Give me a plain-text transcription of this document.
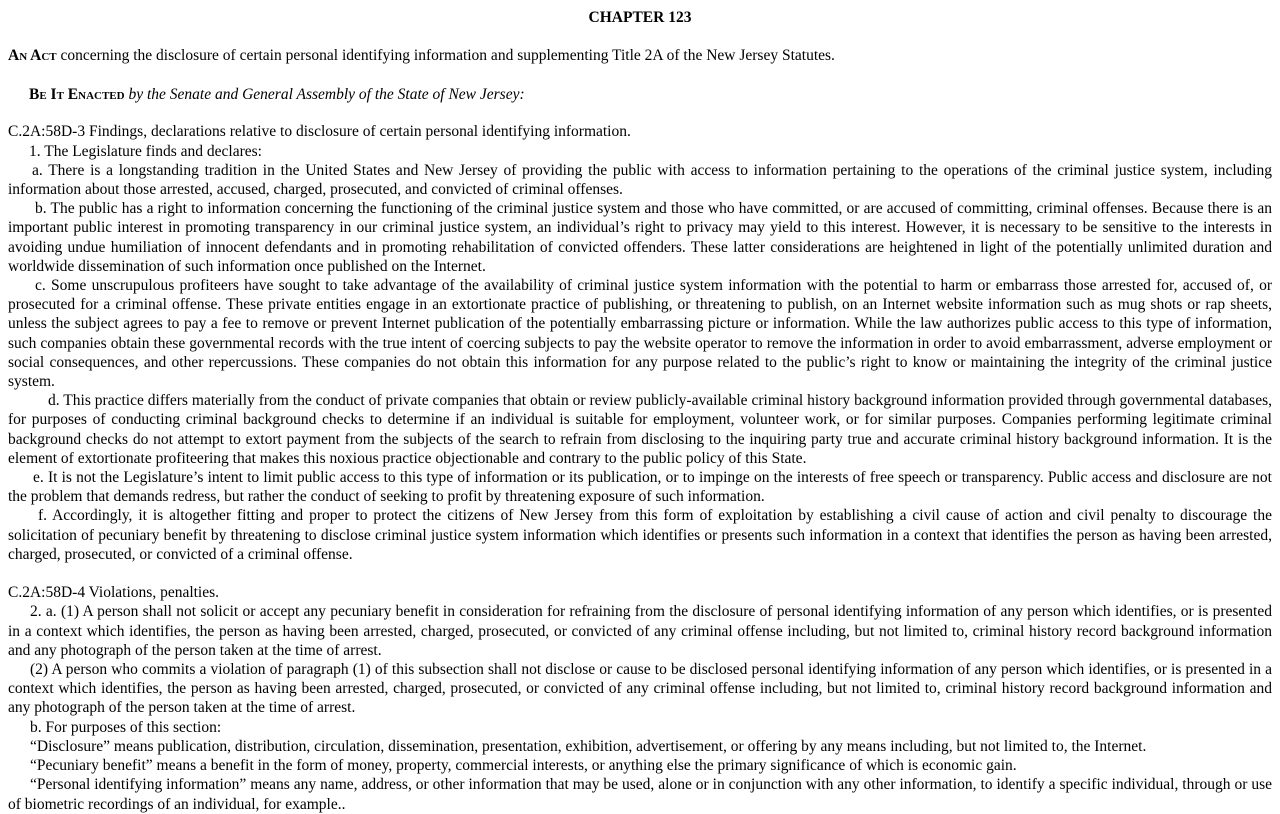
CHAPTER 123
An Act concerning the disclosure of certain personal identifying information and supplementing Title 2A of the New Jersey Statutes.
Be It Enacted by the Senate and General Assembly of the State of New Jersey:
C.2A:58D-3 Findings, declarations relative to disclosure of certain personal identifying information.
1. The Legislature finds and declares:
a. There is a longstanding tradition in the United States and New Jersey of providing the public with access to information pertaining to the operations of the criminal justice system, including information about those arrested, accused, charged, prosecuted, and convicted of criminal offenses.
b. The public has a right to information concerning the functioning of the criminal justice system and those who have committed, or are accused of committing, criminal offenses. Because there is an important public interest in promoting transparency in our criminal justice system, an individual’s right to privacy may yield to this interest. However, it is necessary to be sensitive to the interests in avoiding undue humiliation of innocent defendants and in promoting rehabilitation of convicted offenders. These latter considerations are heightened in light of the potentially unlimited duration and worldwide dissemination of such information once published on the Internet.
c. Some unscrupulous profiteers have sought to take advantage of the availability of criminal justice system information with the potential to harm or embarrass those arrested for, accused of, or prosecuted for a criminal offense. These private entities engage in an extortionate practice of publishing, or threatening to publish, on an Internet website information such as mug shots or rap sheets, unless the subject agrees to pay a fee to remove or prevent Internet publication of the potentially embarrassing picture or information. While the law authorizes public access to this type of information, such companies obtain these governmental records with the true intent of coercing subjects to pay the website operator to remove the information in order to avoid embarrassment, adverse employment or social consequences, and other repercussions. These companies do not obtain this information for any purpose related to the public’s right to know or maintaining the integrity of the criminal justice system.
d. This practice differs materially from the conduct of private companies that obtain or review publicly-available criminal history background information provided through governmental databases, for purposes of conducting criminal background checks to determine if an individual is suitable for employment, volunteer work, or for similar purposes. Companies performing legitimate criminal background checks do not attempt to extort payment from the subjects of the search to refrain from disclosing to the inquiring party true and accurate criminal history background information. It is the element of extortionate profiteering that makes this noxious practice objectionable and contrary to the public policy of this State.
e. It is not the Legislature’s intent to limit public access to this type of information or its publication, or to impinge on the interests of free speech or transparency. Public access and disclosure are not the problem that demands redress, but rather the conduct of seeking to profit by threatening exposure of such information.
f. Accordingly, it is altogether fitting and proper to protect the citizens of New Jersey from this form of exploitation by establishing a civil cause of action and civil penalty to discourage the solicitation of pecuniary benefit by threatening to disclose criminal justice system information which identifies or presents such information in a context that identifies the person as having been arrested, charged, prosecuted, or convicted of a criminal offense.
C.2A:58D-4 Violations, penalties.
2. a. (1) A person shall not solicit or accept any pecuniary benefit in consideration for refraining from the disclosure of personal identifying information of any person which identifies, or is presented in a context which identifies, the person as having been arrested, charged, prosecuted, or convicted of any criminal offense including, but not limited to, criminal history record background information and any photograph of the person taken at the time of arrest.
(2) A person who commits a violation of paragraph (1) of this subsection shall not disclose or cause to be disclosed personal identifying information of any person which identifies, or is presented in a context which identifies, the person as having been arrested, charged, prosecuted, or convicted of any criminal offense including, but not limited to, criminal history record background information and any photograph of the person taken at the time of arrest.
b. For purposes of this section:
“Disclosure” means publication, distribution, circulation, dissemination, presentation, exhibition, advertisement, or offering by any means including, but not limited to, the Internet.
“Pecuniary benefit” means a benefit in the form of money, property, commercial interests, or anything else the primary significance of which is economic gain.
“Personal identifying information” means any name, address, or other information that may be used, alone or in conjunction with any other information, to identify a specific individual, through or use of biometric recordings of an individual, for example..
